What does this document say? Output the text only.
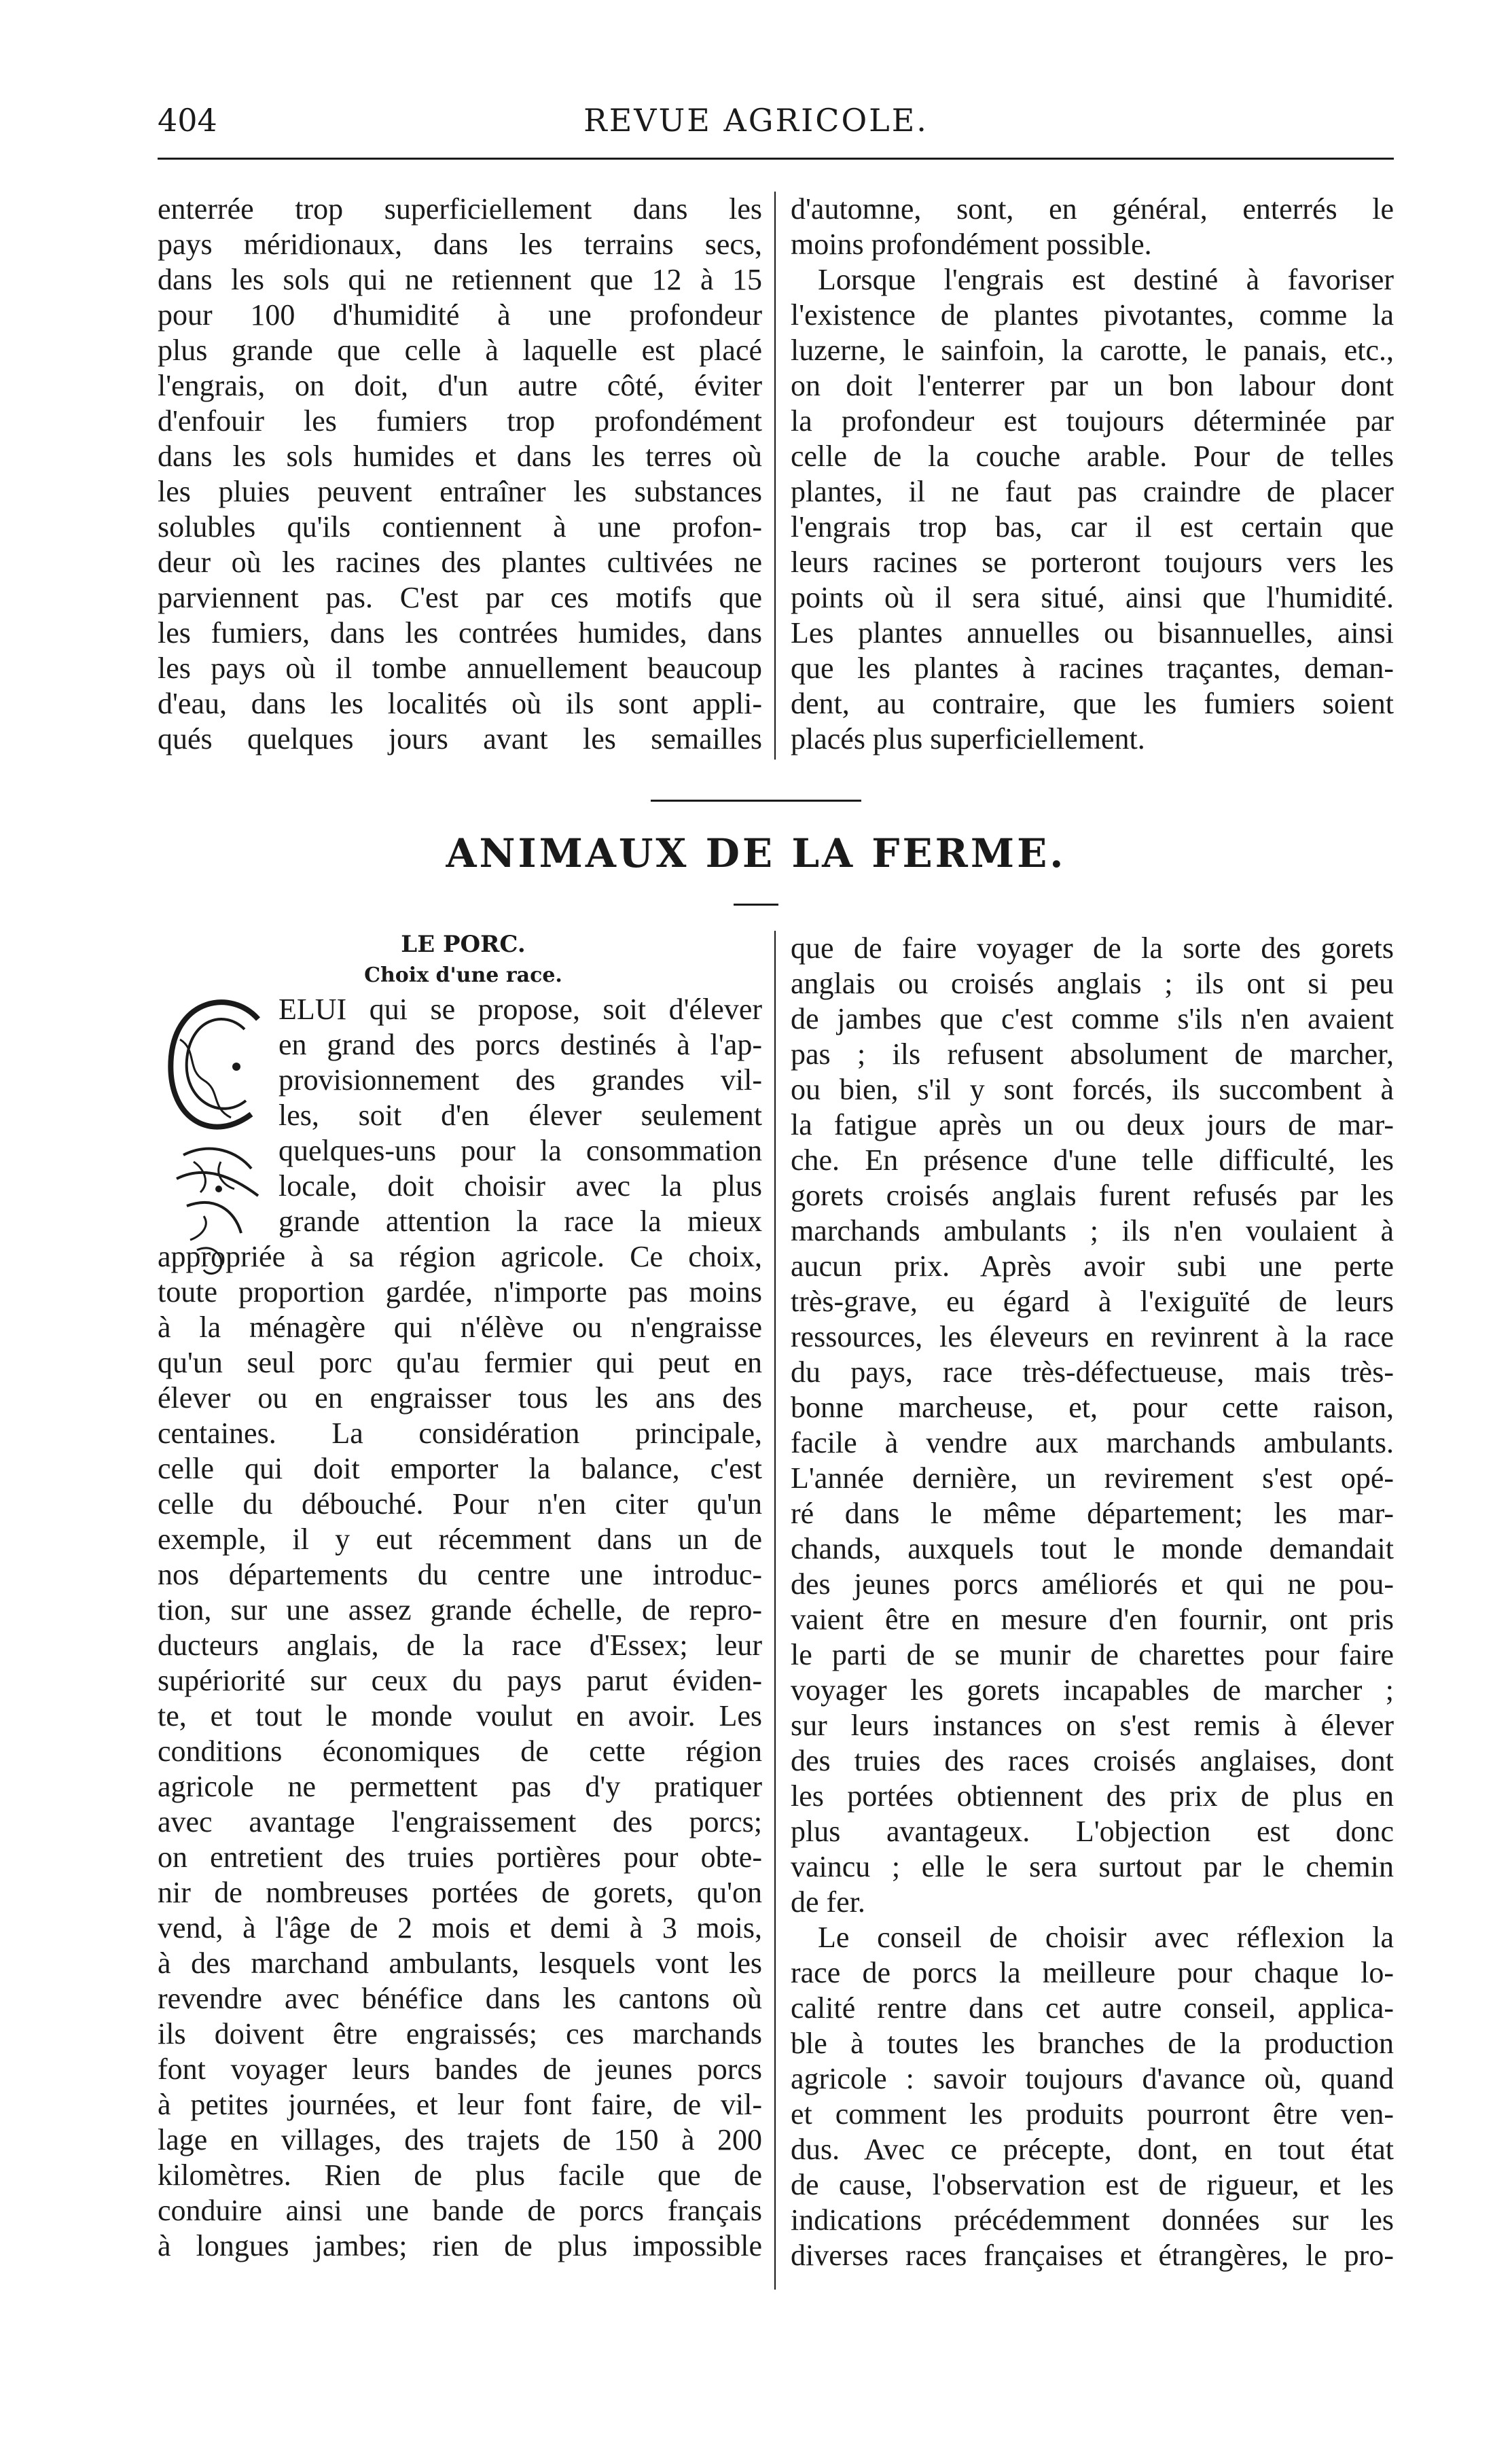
404	REVUE AGRICOLE.
enterrée trop superficiellement dans les
pays méridionaux, dans les terrains secs,
dans les sols qui ne retiennent que 12 à 15
pour 100 d'humidité à une profondeur
plus grande que celle à laquelle est placé
l'engrais, on doit, d'un autre côté, éviter
d'enfouir les fumiers trop profondément
dans les sols humides et dans les terres où
les pluies peuvent entraîner les substances
solubles qu'ils contiennent à une profon-
deur où les racines des plantes cultivées ne
parviennent pas. C'est par ces motifs que
les fumiers, dans les contrées humides, dans
les pays où il tombe annuellement beaucoup
d'eau, dans les localités où ils sont appli-
qués quelques jours avant les semailles
d'automne, sont, en général, enterrés le
moins profondément possible.
Lorsque l'engrais est destiné à favoriser
l'existence de plantes pivotantes, comme la
luzerne, le sainfoin, la carotte, le panais, etc.,
on doit l'enterrer par un bon labour dont
la profondeur est toujours déterminée par
celle de la couche arable. Pour de telles
plantes, il ne faut pas craindre de placer
l'engrais trop bas, car il est certain que
leurs racines se porteront toujours vers les
points où il sera situé, ainsi que l'humidité.
Les plantes annuelles ou bisannuelles, ainsi
que les plantes à racines traçantes, deman-
dent, au contraire, que les fumiers soient
placés plus superficiellement.
ANIMAUX DE LA FERME.
LE PORC.
Choix d'une race.
ELUI qui se propose, soit d'élever
en grand des porcs destinés à l'ap-
provisionnement des grandes vil-
les, soit d'en élever seulement
quelques-uns pour la consommation
locale, doit choisir avec la plus
grande attention la race la mieux
appropriée à sa région agricole. Ce choix,
toute proportion gardée, n'importe pas moins
à la ménagère qui n'élève ou n'engraisse
qu'un seul porc qu'au fermier qui peut en
élever ou en engraisser tous les ans des
centaines. La considération principale,
celle qui doit emporter la balance, c'est
celle du débouché. Pour n'en citer qu'un
exemple, il y eut récemment dans un de
nos départements du centre une introduc-
tion, sur une assez grande échelle, de repro-
ducteurs anglais, de la race d'Essex; leur
supériorité sur ceux du pays parut éviden-
te, et tout le monde voulut en avoir. Les
conditions économiques de cette région
agricole ne permettent pas d'y pratiquer
avec avantage l'engraissement des porcs;
on entretient des truies portières pour obte-
nir de nombreuses portées de gorets, qu'on
vend, à l'âge de 2 mois et demi à 3 mois,
à des marchand ambulants, lesquels vont les
revendre avec bénéfice dans les cantons où
ils doivent être engraissés; ces marchands
font voyager leurs bandes de jeunes porcs
à petites journées, et leur font faire, de vil-
lage en villages, des trajets de 150 à 200
kilomètres. Rien de plus facile que de
conduire ainsi une bande de porcs français
à longues jambes; rien de plus impossible
que de faire voyager de la sorte des gorets
anglais ou croisés anglais ; ils ont si peu
de jambes que c'est comme s'ils n'en avaient
pas ; ils refusent absolument de marcher,
ou bien, s'il y sont forcés, ils succombent à
la fatigue après un ou deux jours de mar-
che. En présence d'une telle difficulté, les
gorets croisés anglais furent refusés par les
marchands ambulants ; ils n'en voulaient à
aucun prix. Après avoir subi une perte
très-grave, eu égard à l'exiguïté de leurs
ressources, les éleveurs en revinrent à la race
du pays, race très-défectueuse, mais très-
bonne marcheuse, et, pour cette raison,
facile à vendre aux marchands ambulants.
L'année dernière, un revirement s'est opé-
ré dans le même département; les mar-
chands, auxquels tout le monde demandait
des jeunes porcs améliorés et qui ne pou-
vaient être en mesure d'en fournir, ont pris
le parti de se munir de charettes pour faire
voyager les gorets incapables de marcher ;
sur leurs instances on s'est remis à élever
des truies des races croisés anglaises, dont
les portées obtiennent des prix de plus en
plus avantageux. L'objection est donc
vaincu ; elle le sera surtout par le chemin
de fer.
Le conseil de choisir avec réflexion la
race de porcs la meilleure pour chaque lo-
calité rentre dans cet autre conseil, applica-
ble à toutes les branches de la production
agricole : savoir toujours d'avance où, quand
et comment les produits pourront être ven-
dus. Avec ce précepte, dont, en tout état
de cause, l'observation est de rigueur, et les
indications précédemment données sur les
diverses races françaises et étrangères, le pro-
